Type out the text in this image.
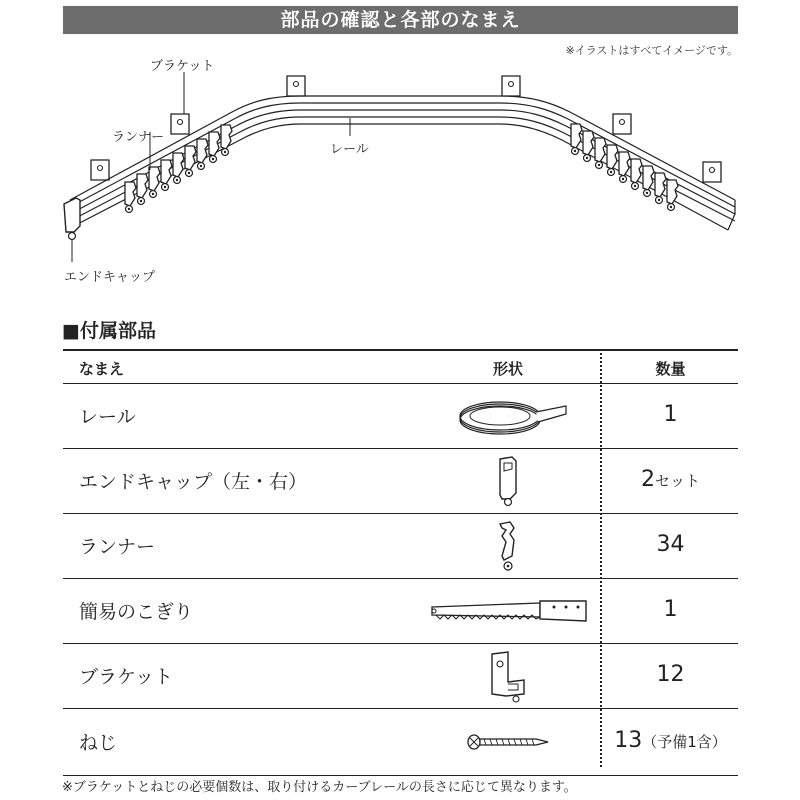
部品の確認と各部のなまえ
※イラストはすべてイメージです。
ブラケット
ランナー
レール
エンドキャップ
■付属部品
なまえ	形状	数量
レール	1
エンドキャップ（左・右）	2セット
ランナー	34
簡易のこぎり	1
ブラケット	12
ねじ	13（予備1含）
※ブラケットとねじの必要個数は、取り付けるカーブレールの長さに応じて異なります。
